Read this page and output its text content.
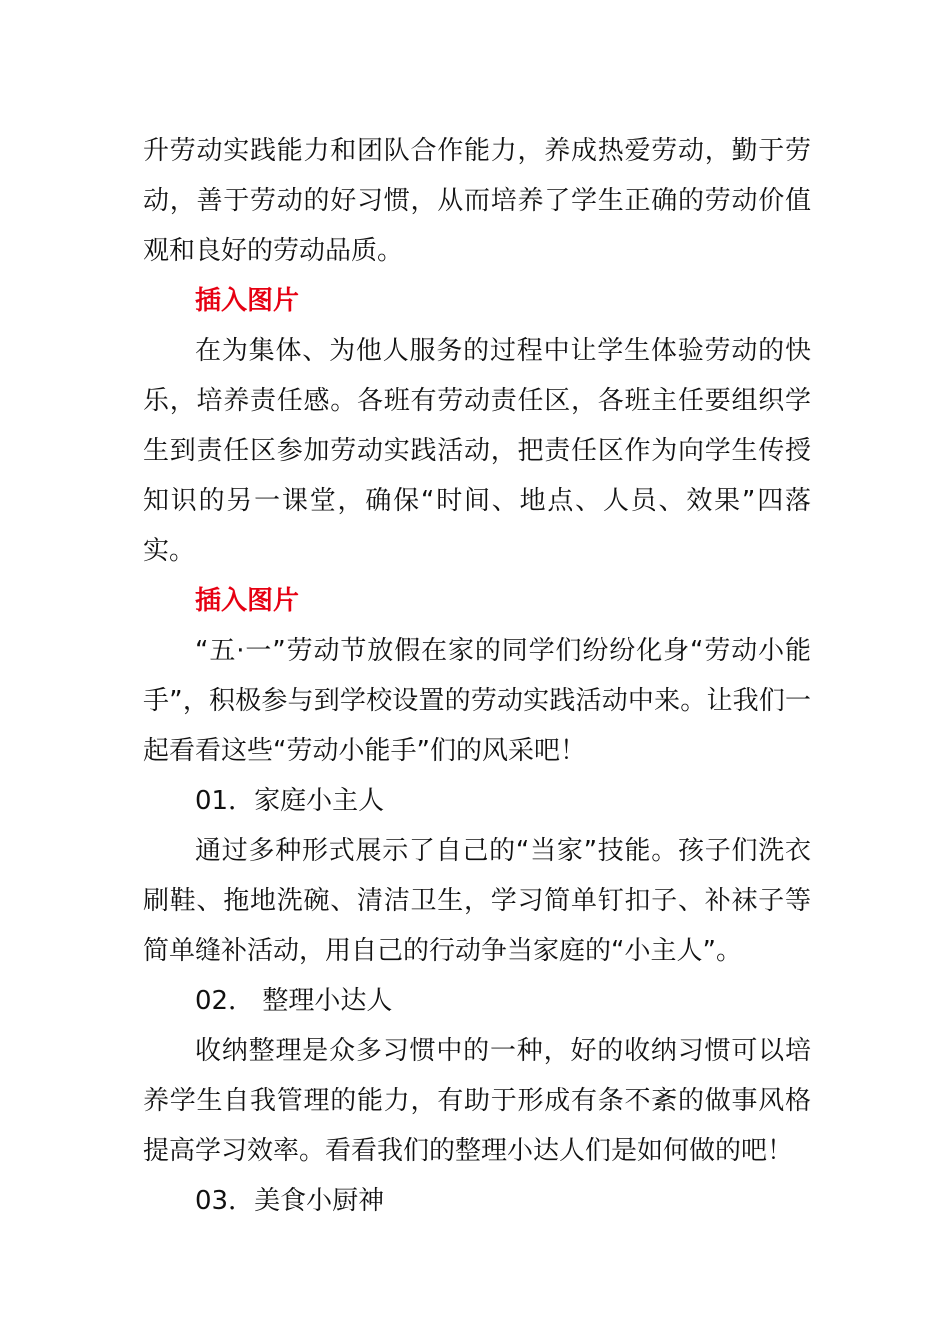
升劳动实践能力和团队合作能力，养成热爱劳动，勤于劳动，善于劳动的好习惯，从而培养了学生正确的劳动价值观和良好的劳动品质。

插入图片

在为集体、为他人服务的过程中让学生体验劳动的快乐，培养责任感。各班有劳动责任区，各班主任要组织学生到责任区参加劳动实践活动，把责任区作为向学生传授知识的另一课堂，确保“时间、地点、人员、效果”四落实。

插入图片

“五·一”劳动节放假在家的同学们纷纷化身“劳动小能手”，积极参与到学校设置的劳动实践活动中来。让我们一起看看这些“劳动小能手”们的风采吧！

01．家庭小主人

通过多种形式展示了自己的“当家”技能。孩子们洗衣刷鞋、拖地洗碗、清洁卫生，学习简单钉扣子、补袜子等简单缝补活动，用自己的行动争当家庭的“小主人”。

02． 整理小达人

收纳整理是众多习惯中的一种，好的收纳习惯可以培养学生自我管理的能力，有助于形成有条不紊的做事风格提高学习效率。看看我们的整理小达人们是如何做的吧！

03．美食小厨神
